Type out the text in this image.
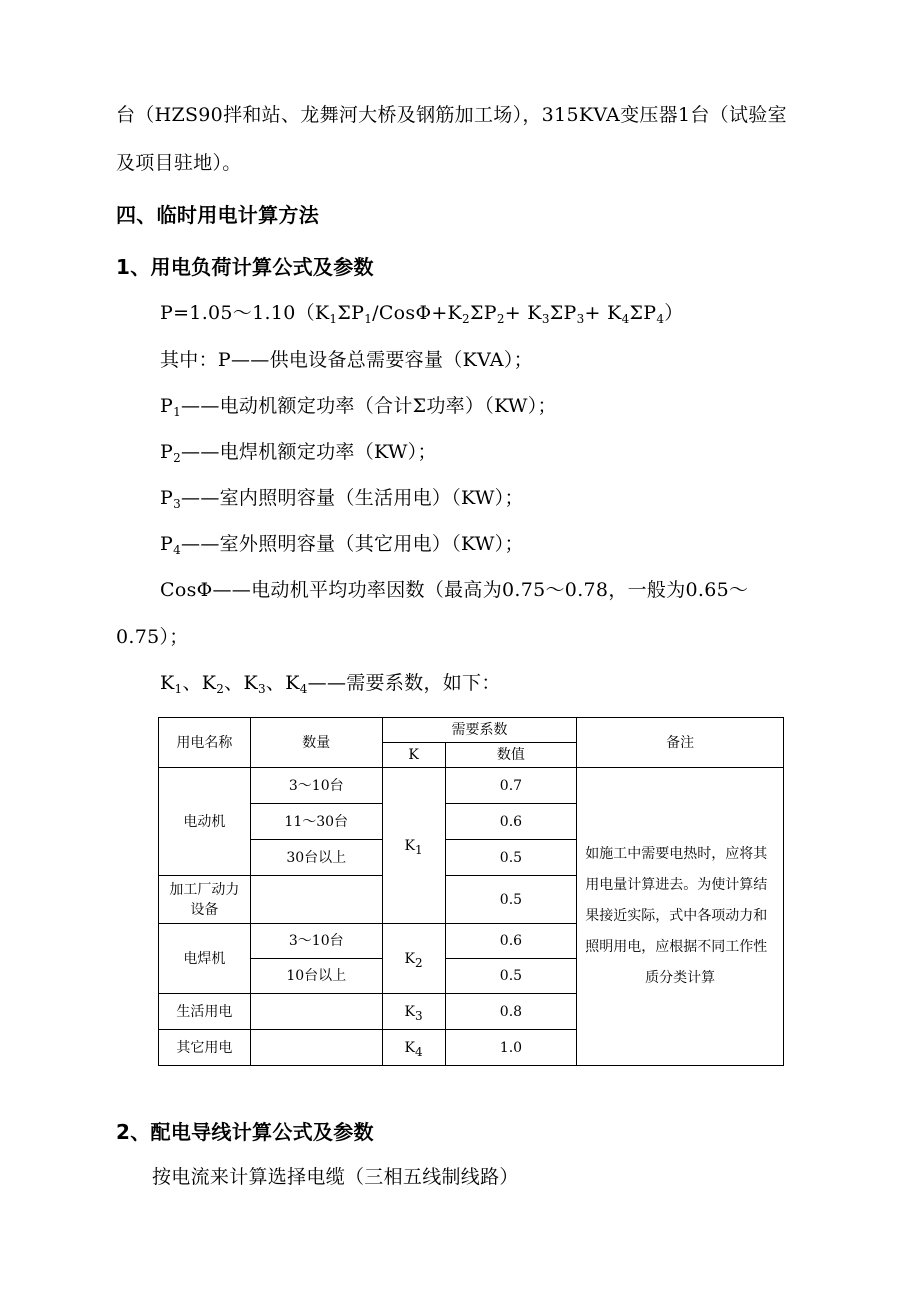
台（HZS90拌和站、龙舞河大桥及钢筋加工场），315KVA变压器1台（试验室
及项目驻地）。
四、临时用电计算方法
1、用电负荷计算公式及参数
$P=1.05\sim 1.10(K_1\Sigma P_1/Cos\Phi+K_2\Sigma P_2+ K_3\Sigma P_3+ K_4\Sigma P_4)$
其中：P——供电设备总需要容量（KVA）；
$P_1——$电动机额定功率（合计Σ功率）（KW）；
$P_2——$电焊机额定功率（KW）；
$P_3——$室内照明容量（生活用电）（KW）；
$P_4——$室外照明容量（其它用电）（KW）；
CosΦ——电动机平均功率因数（最高为0.75～0.78，一般为0.65～
0.75）；
$K_1$、$K_2$、$K_3$、$K_4——$需要系数，如下：
用电名称	数量	需要系数		备注
		K	数值	
电动机	3～10台	$K_1$	0.7	如施工中需要电热时，应将其用电量计算进去。为使计算结果接近实际，式中各项动力和照明用电，应根据不同工作性
质分类计算

	11～30台		0.6	
	30台以上		0.5	
加工厂动力设备			0.5	
电焊机	3～10台	$K_2$	0.6	
	10台以上		0.5	
生活用电		$K_3$	0.8	
其它用电		$K_4$	1.0	
2、配电导线计算公式及参数
按电流来计算选择电缆（三相五线制线路）
